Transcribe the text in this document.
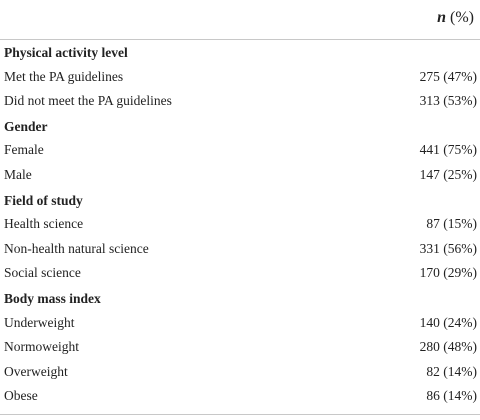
n (%)
Physical activity level
Met the PA guidelines	275 (47%)
Did not meet the PA guidelines	313 (53%)
Gender
Female	441 (75%)
Male	147 (25%)
Field of study
Health science	87 (15%)
Non-health natural science	331 (56%)
Social science	170 (29%)
Body mass index
Underweight	140 (24%)
Normoweight	280 (48%)
Overweight	82 (14%)
Obese	86 (14%)
